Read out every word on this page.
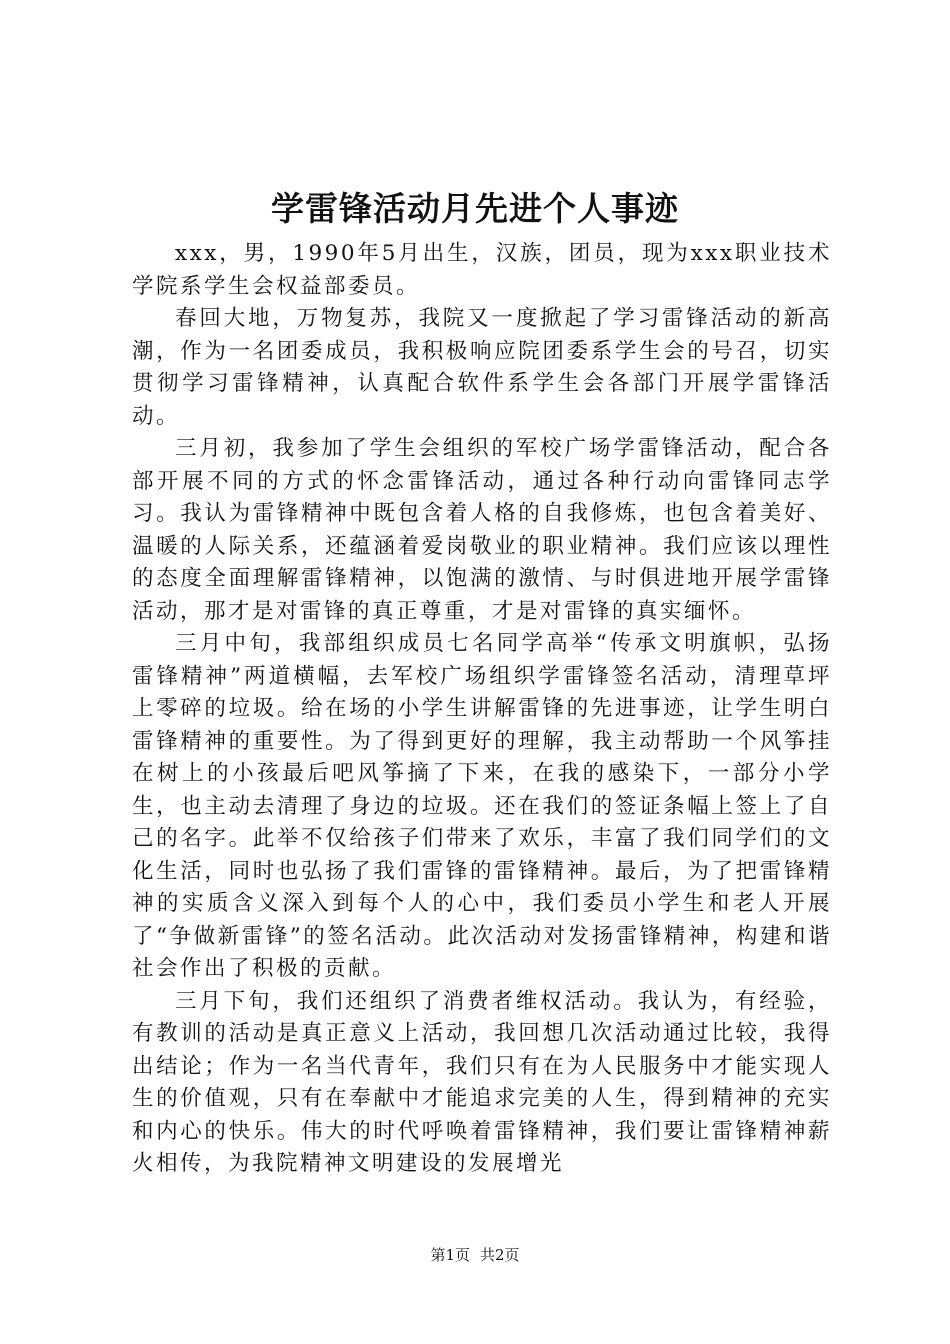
学雷锋活动月先进个人事迹

xxx，男，1990年5月出生，汉族，团员，现为xxx职业技术学院系学生会权益部委员。

春回大地，万物复苏，我院又一度掀起了学习雷锋活动的新高潮，作为一名团委成员，我积极响应院团委系学生会的号召，切实贯彻学习雷锋精神，认真配合软件系学生会各部门开展学雷锋活动。

三月初，我参加了学生会组织的军校广场学雷锋活动，配合各部开展不同的方式的怀念雷锋活动，通过各种行动向雷锋同志学习。我认为雷锋精神中既包含着人格的自我修炼，也包含着美好、温暖的人际关系，还蕴涵着爱岗敬业的职业精神。我们应该以理性的态度全面理解雷锋精神，以饱满的激情、与时俱进地开展学雷锋活动，那才是对雷锋的真正尊重，才是对雷锋的真实缅怀。

三月中旬，我部组织成员七名同学高举“传承文明旗帜，弘扬雷锋精神”两道横幅，去军校广场组织学雷锋签名活动，清理草坪上零碎的垃圾。给在场的小学生讲解雷锋的先进事迹，让学生明白雷锋精神的重要性。为了得到更好的理解，我主动帮助一个风筝挂在树上的小孩最后吧风筝摘了下来，在我的感染下，一部分小学生，也主动去清理了身边的垃圾。还在我们的签证条幅上签上了自己的名字。此举不仅给孩子们带来了欢乐，丰富了我们同学们的文化生活，同时也弘扬了我们雷锋的雷锋精神。最后，为了把雷锋精神的实质含义深入到每个人的心中，我们委员小学生和老人开展了“争做新雷锋”的签名活动。此次活动对发扬雷锋精神，构建和谐社会作出了积极的贡献。

三月下旬，我们还组织了消费者维权活动。我认为，有经验，有教训的活动是真正意义上活动，我回想几次活动通过比较，我得出结论；作为一名当代青年，我们只有在为人民服务中才能实现人生的价值观，只有在奉献中才能追求完美的人生，得到精神的充实和内心的快乐。伟大的时代呼唤着雷锋精神，我们要让雷锋精神薪火相传，为我院精神文明建设的发展增光

第1页 共2页
